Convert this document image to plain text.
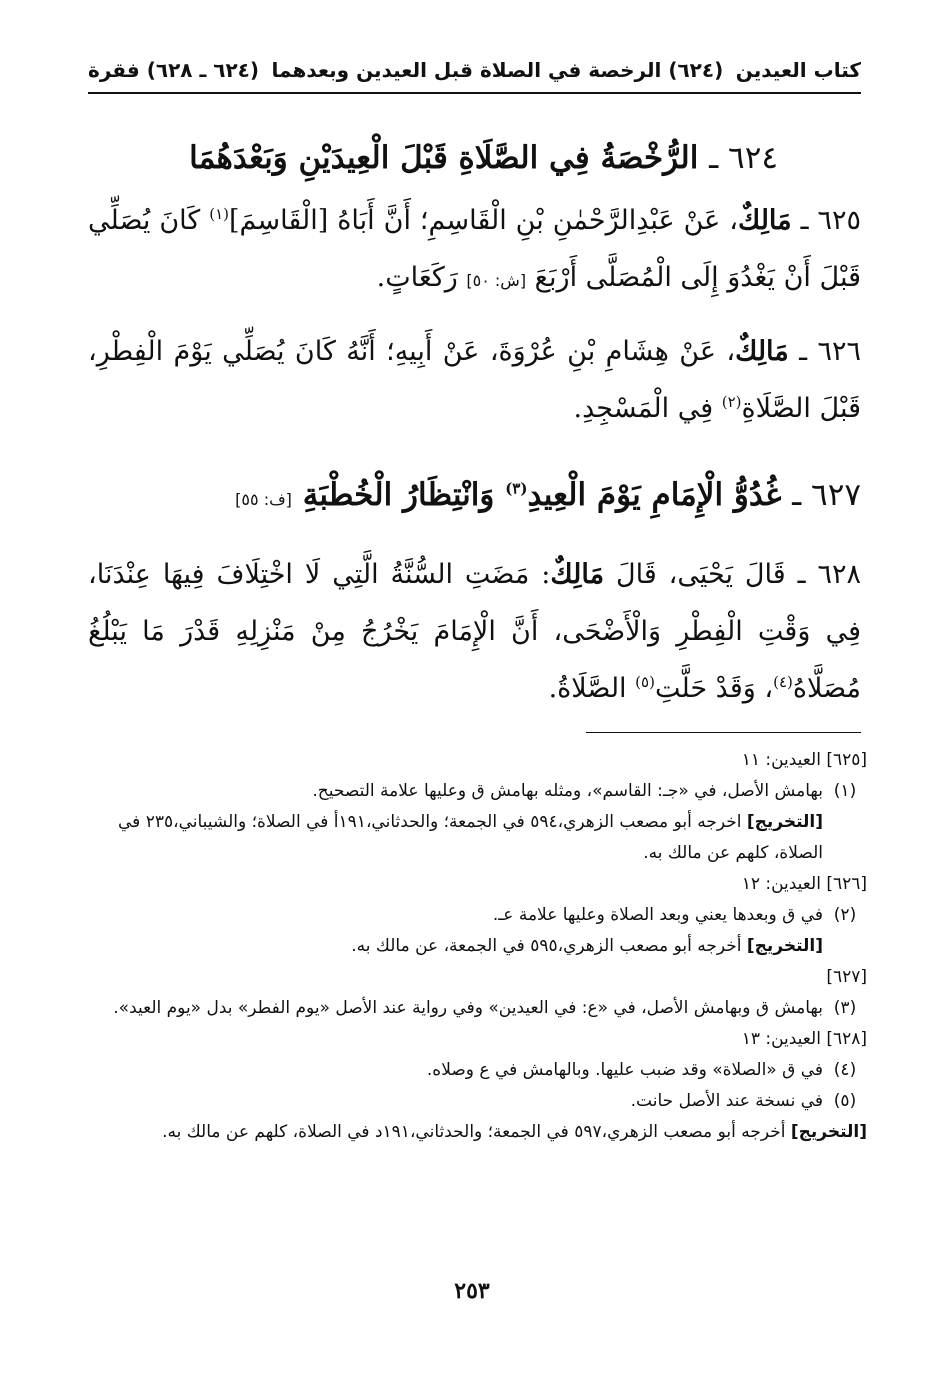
كتاب العيدين
(٦٢٤) الرخصة في الصلاة قبل العيدين وبعدهما
(٦٢٤ ـ ٦٢٨) فقرة
٦٢٤ ـ الرُّخْصَةُ فِي الصَّلَاةِ قَبْلَ الْعِيدَيْنِ وَبَعْدَهُمَا
٦٢٥ ـ مَالِكٌ، عَنْ عَبْدِالرَّحْمٰنِ بْنِ الْقَاسِمِ؛ أَنَّ أَبَاهُ [الْقَاسِمَ]$^{(١)}$ كَانَ يُصَلِّي قَبْلَ أَنْ يَغْدُوَ إِلَى الْمُصَلَّى أَرْبَعَ [ش: ٥٠] رَكَعَاتٍ.
٦٢٦ ـ مَالِكٌ، عَنْ هِشَامِ بْنِ عُرْوَةَ، عَنْ أَبِيهِ؛ أَنَّهُ كَانَ يُصَلِّي يَوْمَ الْفِطْرِ، قَبْلَ الصَّلَاةِ$^{(٢)}$ فِي الْمَسْجِدِ.
٦٢٧ ـ غُدُوُّ الْإِمَامِ يَوْمَ الْعِيدِ$^{(٣)}$ وَانْتِظَارُ الْخُطْبَةِ [ف: ٥٥]
٦٢٨ ـ قَالَ يَحْيَى، قَالَ مَالِكٌ: مَضَتِ السُّنَّةُ الَّتِي لَا اخْتِلَافَ فِيهَا عِنْدَنَا، فِي وَقْتِ الْفِطْرِ وَالْأَضْحَى، أَنَّ الْإِمَامَ يَخْرُجُ مِنْ مَنْزِلِهِ قَدْرَ مَا يَبْلُغُ مُصَلَّاهُ$^{(٤)}$، وَقَدْ حَلَّتِ$^{(٥)}$ الصَّلَاةُ.
[٦٢٥] العيدين: ١١
(١)

بهامش الأصل، في «جـ: القاسم»، ومثله بهامش ق وعليها علامة التصحيح.

[التخريج] اخرجه أبو مصعب الزهري،٥٩٤ في الجمعة؛ والحدثاني،١٩١أ في الصلاة؛ والشيباني،٢٣٥ في الصلاة، كلهم عن مالك به.

[٦٢٦] العيدين: ١٢
(٢)

في ق وبعدها يعني وبعد الصلاة وعليها علامة عـ.

[التخريج] أخرجه أبو مصعب الزهري،٥٩٥ في الجمعة، عن مالك به.

[٦٢٧]
(٣)

بهامش ق وبهامش الأصل، في «ع: في العيدين» وفي رواية عند الأصل «يوم الفطر» بدل «يوم العيد».

[٦٢٨] العيدين: ١٣
(٤)

في ق «الصلاة» وقد ضبب عليها. وبالهامش في ع وصلاه.

(٥)

في نسخة عند الأصل حانت.

[التخريج] أخرجه أبو مصعب الزهري،٥٩٧ في الجمعة؛ والحدثاني،١٩١د في الصلاة، كلهم عن مالك به.

٢٥٣
